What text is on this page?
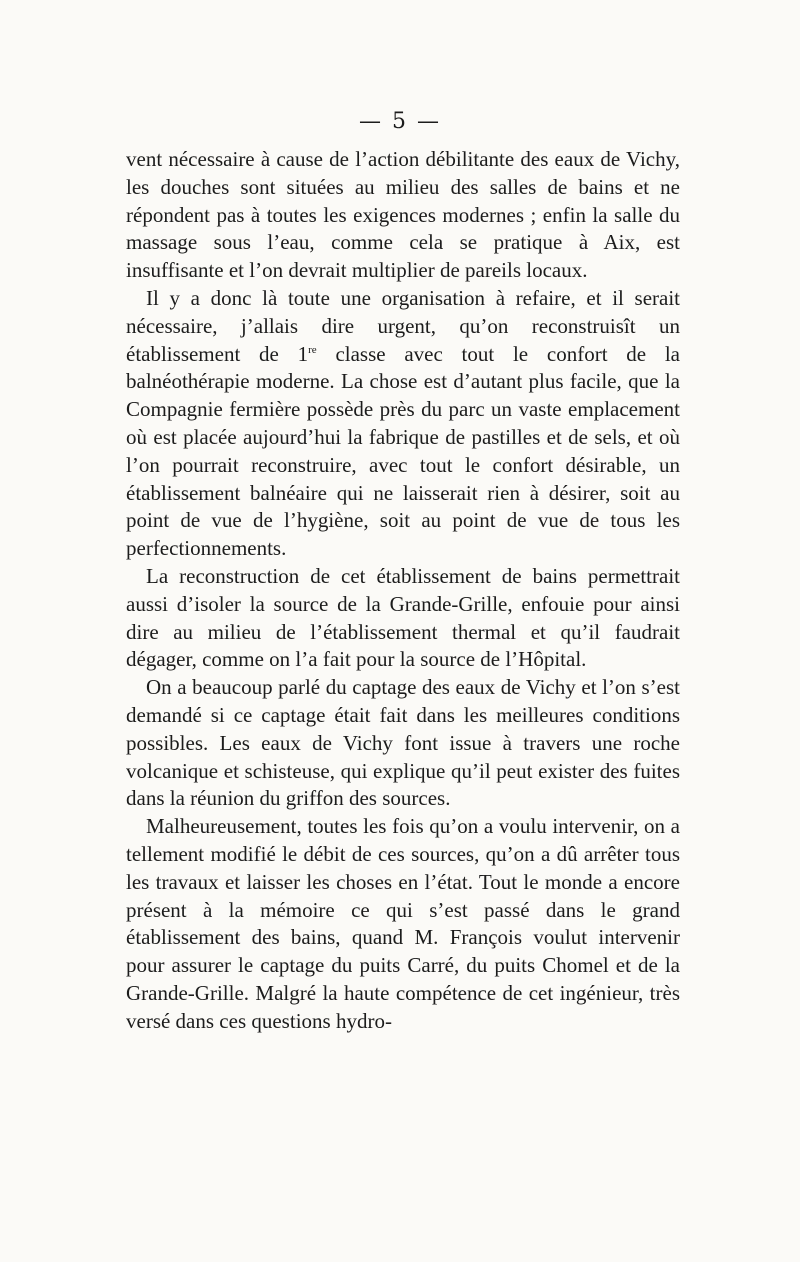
— 5 —

vent nécessaire à cause de l’action débilitante des eaux de Vichy, les douches sont situées au milieu des salles de bains et ne répondent pas à toutes les exigences modernes ; enfin la salle du massage sous l’eau, comme cela se pratique à Aix, est insuffisante et l’on devrait multiplier de pareils locaux.

Il y a donc là toute une organisation à refaire, et il serait nécessaire, j’allais dire urgent, qu’on reconstruisît un établissement de 1re classe avec tout le confort de la balnéothérapie moderne. La chose est d’autant plus facile, que la Compagnie fermière possède près du parc un vaste emplacement où est placée aujourd’hui la fabrique de pastilles et de sels, et où l’on pourrait reconstruire, avec tout le confort désirable, un établissement balnéaire qui ne laisserait rien à désirer, soit au point de vue de l’hygiène, soit au point de vue de tous les perfectionnements.

La reconstruction de cet établissement de bains permettrait aussi d’isoler la source de la Grande-Grille, enfouie pour ainsi dire au milieu de l’établissement thermal et qu’il faudrait dégager, comme on l’a fait pour la source de l’Hôpital.

On a beaucoup parlé du captage des eaux de Vichy et l’on s’est demandé si ce captage était fait dans les meilleures conditions possibles. Les eaux de Vichy font issue à travers une roche volcanique et schisteuse, qui explique qu’il peut exister des fuites dans la réunion du griffon des sources.

Malheureusement, toutes les fois qu’on a voulu intervenir, on a tellement modifié le débit de ces sources, qu’on a dû arrêter tous les travaux et laisser les choses en l’état. Tout le monde a encore présent à la mémoire ce qui s’est passé dans le grand établissement des bains, quand M. François voulut intervenir pour assurer le captage du puits Carré, du puits Chomel et de la Grande-Grille. Malgré la haute compétence de cet ingénieur, très versé dans ces questions hydro-
